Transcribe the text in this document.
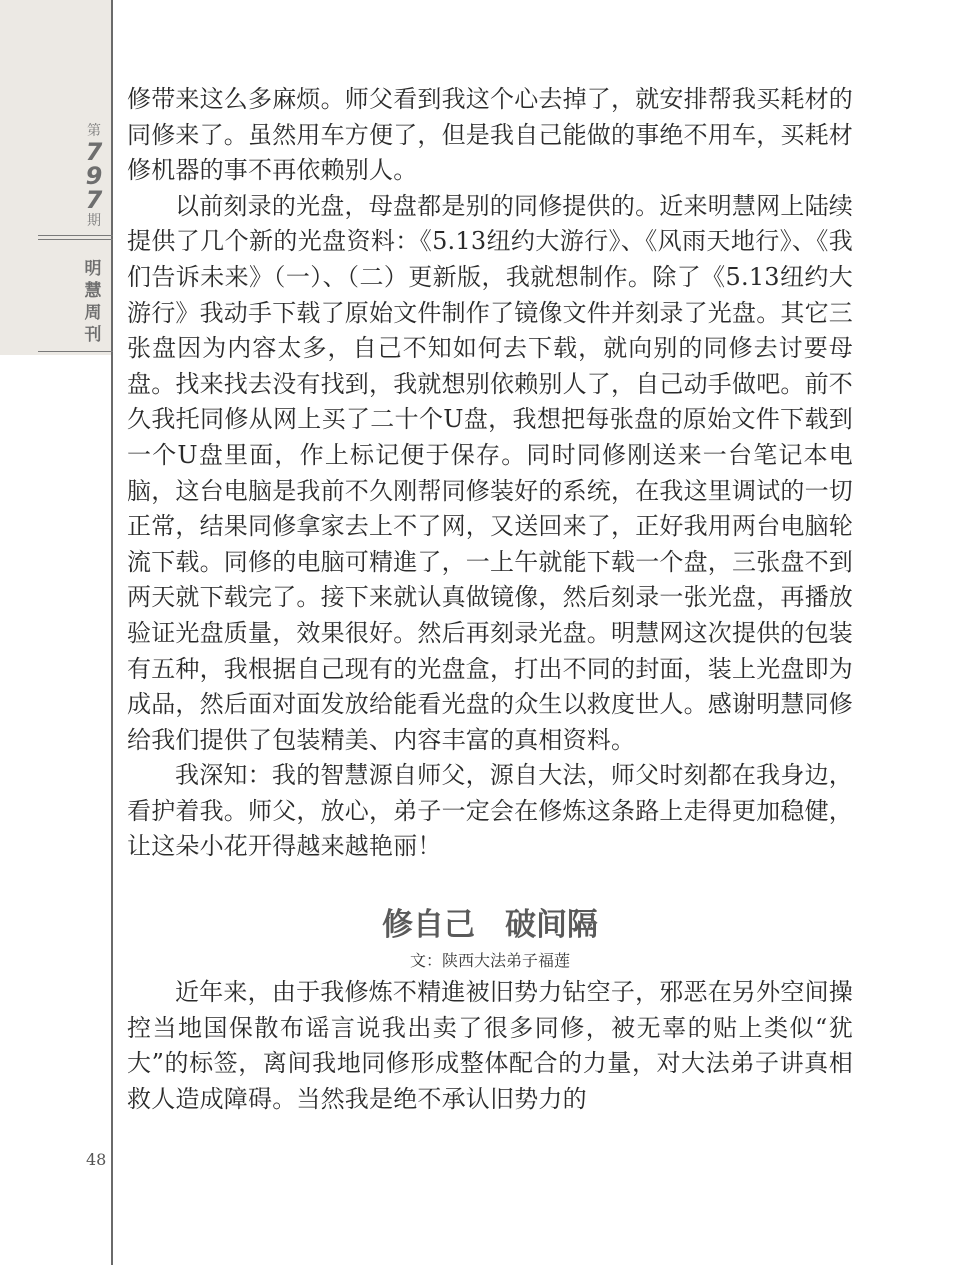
第
797
期
明慧周刊

修带来这么多麻烦。师父看到我这个心去掉了，就安排帮我买耗材的同修来了。虽然用车方便了，但是我自己能做的事绝不用车，买耗材修机器的事不再依赖别人。

以前刻录的光盘，母盘都是别的同修提供的。近来明慧网上陆续提供了几个新的光盘资料：《5.13纽约大游行》、《风雨天地行》、《我们告诉未来》（一）、（二）更新版，我就想制作。除了《5.13纽约大游行》我动手下载了原始文件制作了镜像文件并刻录了光盘。其它三张盘因为内容太多，自己不知如何去下载，就向别的同修去讨要母盘。找来找去没有找到，我就想别依赖别人了，自己动手做吧。前不久我托同修从网上买了二十个U盘，我想把每张盘的原始文件下载到一个U盘里面，作上标记便于保存。同时同修刚送来一台笔记本电脑，这台电脑是我前不久刚帮同修装好的系统，在我这里调试的一切正常，结果同修拿家去上不了网，又送回来了，正好我用两台电脑轮流下载。同修的电脑可精進了，一上午就能下载一个盘，三张盘不到两天就下载完了。接下来就认真做镜像，然后刻录一张光盘，再播放验证光盘质量，效果很好。然后再刻录光盘。明慧网这次提供的包装有五种，我根据自己现有的光盘盒，打出不同的封面，装上光盘即为成品，然后面对面发放给能看光盘的众生以救度世人。感谢明慧同修给我们提供了包装精美、内容丰富的真相资料。

我深知：我的智慧源自师父，源自大法，师父时刻都在我身边，看护着我。师父，放心，弟子一定会在修炼这条路上走得更加稳健，让这朵小花开得越来越艳丽！

修自己 破间隔
文：陕西大法弟子福莲

近年来，由于我修炼不精進被旧势力钻空子，邪恶在另外空间操控当地国保散布谣言说我出卖了很多同修，被无辜的贴上类似“犹大”的标签，离间我地同修形成整体配合的力量，对大法弟子讲真相救人造成障碍。当然我是绝不承认旧势力的

48
